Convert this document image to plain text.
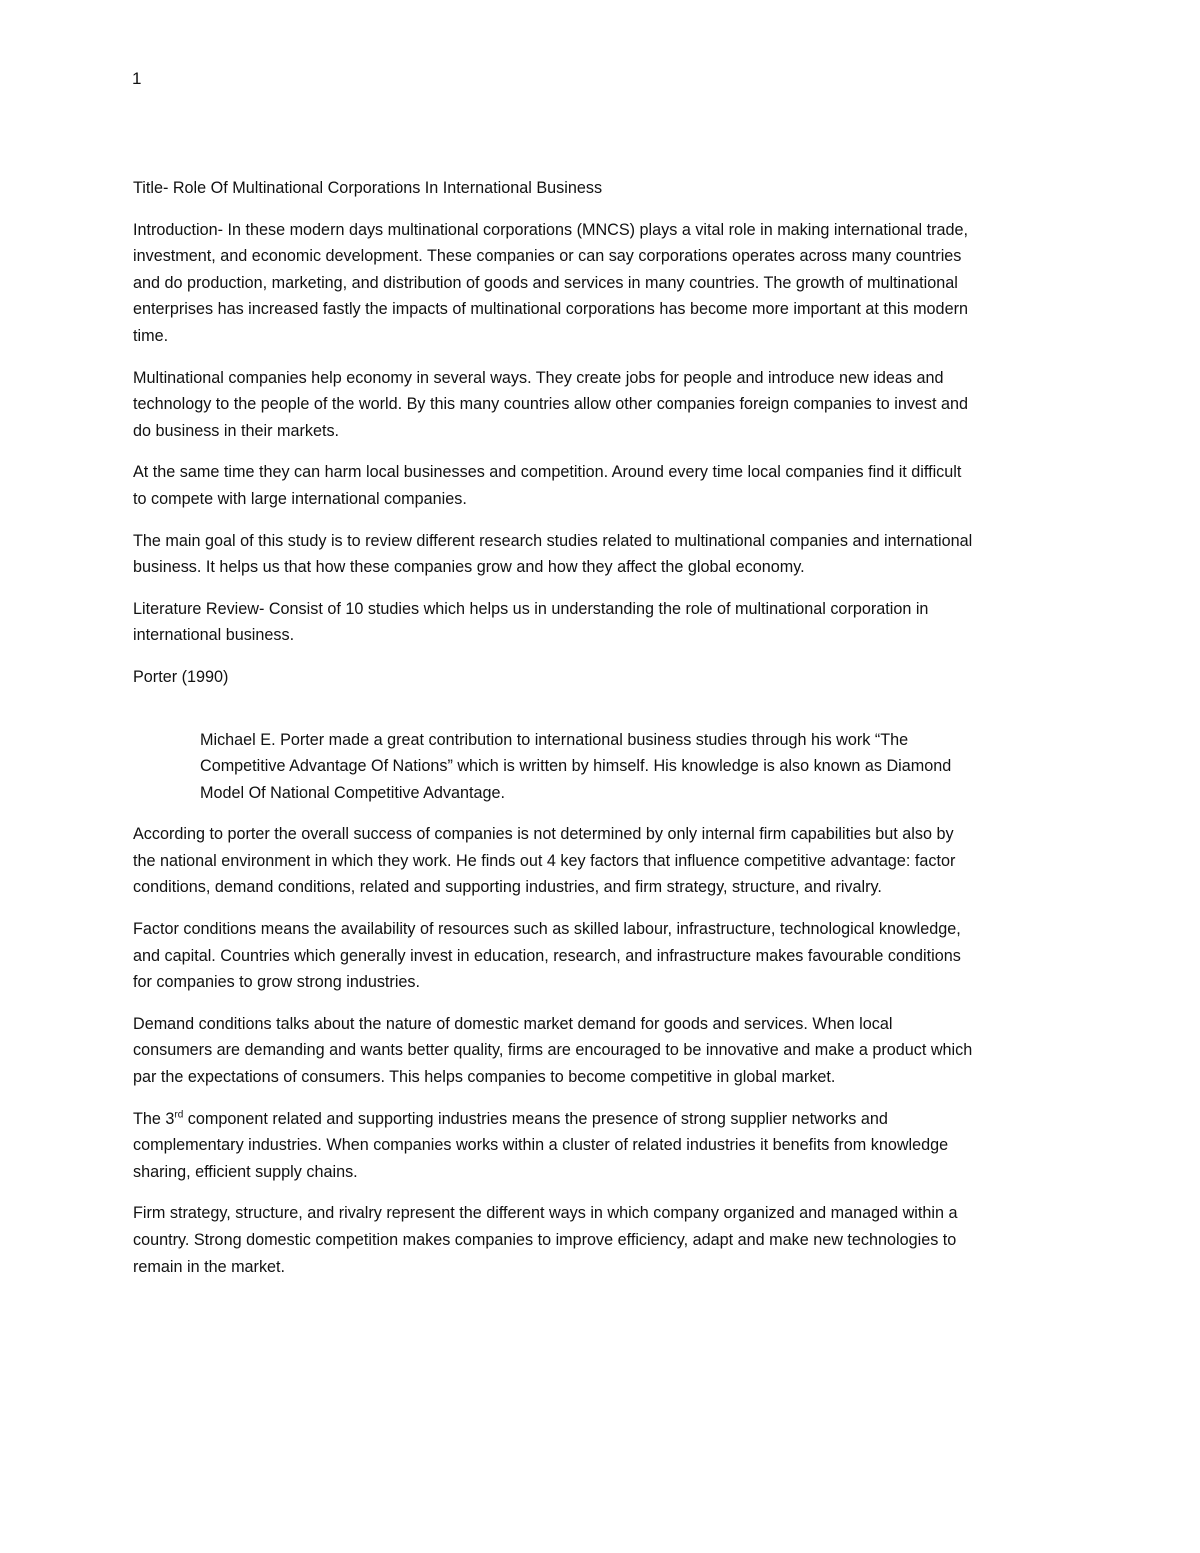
1

Title- Role Of Multinational Corporations In International Business

Introduction- In these modern days multinational corporations (MNCS) plays a vital role in making international trade, investment, and economic development. These companies or can say corporations operates across many countries and do production, marketing, and distribution of goods and services in many countries. The growth of multinational enterprises has increased fastly the impacts of multinational corporations has become more important at this modern time.

Multinational companies help economy in several ways. They create jobs for people and introduce new ideas and technology to the people of the world. By this many countries allow other companies foreign companies to invest and do business in their markets.

At the same time they can harm local businesses and competition. Around every time local companies find it difficult to compete with large international companies.

The main goal of this study is to review different research studies related to multinational companies and international business. It helps us that how these companies grow and how they affect the global economy.

Literature Review- Consist of 10 studies which helps us in understanding the role of multinational corporation in international business.

Porter (1990)

Michael E. Porter made a great contribution to international business studies through his work “The

Competitive Advantage Of Nations” which is written by himself. His knowledge is also known as Diamond Model Of National Competitive Advantage.

According to porter the overall success of companies is not determined by only internal firm capabilities but also by the national environment in which they work. He finds out 4 key factors that influence competitive advantage: factor conditions, demand conditions, related and supporting industries, and firm strategy, structure, and rivalry.

Factor conditions means the availability of resources such as skilled labour, infrastructure, technological knowledge, and capital. Countries which generally invest in education, research, and infrastructure makes favourable conditions for companies to grow strong industries.

Demand conditions talks about the nature of domestic market demand for goods and services. When local consumers are demanding and wants better quality, firms are encouraged to be innovative and make a product which par the expectations of consumers. This helps companies to become competitive in global market.

The 3rd component related and supporting industries means the presence of strong supplier networks and complementary industries. When companies works within a cluster of related industries it benefits from knowledge sharing, efficient supply chains.

Firm strategy, structure, and rivalry represent the different ways in which company organized and managed within a country. Strong domestic competition makes companies to improve efficiency, adapt and make new technologies to remain in the market.
